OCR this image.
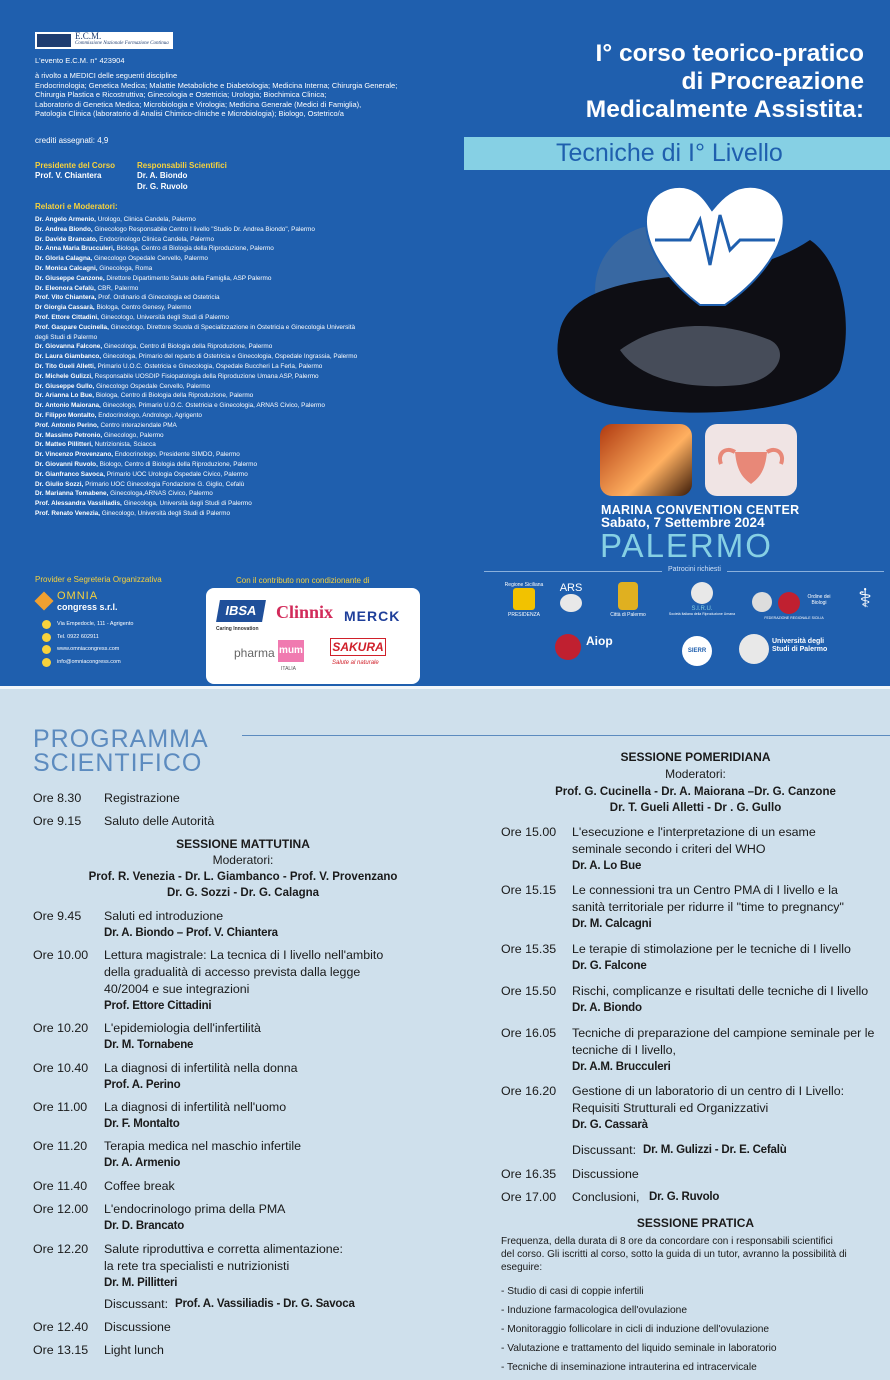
E.C.M.
Commissione Nazionale Formazione Continua
L'evento E.C.M. n° 423904
à rivolto a MEDICI delle seguenti discipline
Endocrinologia; Genetica Medica; Malattie Metaboliche e Diabetologia; Medicina Interna; Chirurgia Generale;
Chirurgia Plastica e Ricostruttiva; Ginecologia e Ostetricia; Urologia; Biochimica Clinica;
Laboratorio di Genetica Medica; Microbiologia e Virologia; Medicina Generale (Medici di Famiglia),
Patologia Clinica (laboratorio di Analisi Chimico-cliniche e Microbiologia); Biologo, Ostetrico/a
crediti assegnati: 4,9
Presidente del Corso
Prof. V. Chiantera
Responsabili Scientifici
Dr. A. Biondo
Dr. G. Ruvolo
Relatori e Moderatori:
Dr. Angelo Armenio, Urologo, Clinica Candela, Palermo
Dr. Andrea Biondo, Ginecologo Responsabile Centro I livello "Studio Dr. Andrea Biondo", Palermo
Dr. Davide Brancato, Endocrinologo Clinica Candela, Palermo
Dr. Anna Maria Brucculeri, Biologa, Centro di Biologia della Riproduzione, Palermo
Dr. Gloria Calagna, Ginecologo Ospedale Cervello, Palermo
Dr. Monica Calcagni, Ginecologa, Roma
Dr. Giuseppe Canzone, Direttore Dipartimento Salute della Famiglia, ASP Palermo
Dr. Eleonora Cefalù, CBR, Palermo
Prof. Vito Chiantera, Prof. Ordinario di Ginecologia ed Ostetricia
Dr Giorgia Cassarà, Biologa, Centro Genesy, Palermo
Prof. Ettore Cittadini, Ginecologo, Università degli Studi di Palermo
Prof. Gaspare Cucinella, Ginecologo, Direttore Scuola di Specializzazione in Ostetricia e Ginecologia Università
degli Studi di Palermo
Dr. Giovanna Falcone, Ginecologa, Centro di Biologia della Riproduzione, Palermo
Dr. Laura Giambanco, Ginecologa, Primario del reparto di Ostetricia e Ginecologia, Ospedale Ingrassia, Palermo
Dr. Tito Gueli Alletti, Primario U.O.C. Ostetricia e Ginecologia, Ospedale Buccheri La Ferla, Palermo
Dr. Michele Gulizzi, Responsabile UOSDIP Fisiopatologia della Riproduzione Umana ASP, Palermo
Dr. Giuseppe Gullo, Ginecologo Ospedale Cervello, Palermo
Dr. Arianna Lo Bue, Biologa, Centro di Biologia della Riproduzione, Palermo
Dr. Antonio Maiorana, Ginecologo, Primario U.O.C. Ostetricia e Ginecologia, ARNAS Civico, Palermo
Dr. Filippo Montalto, Endocrinologo, Andrologo, Agrigento
Prof. Antonio Perino, Centro interaziendale PMA
Dr. Massimo Petronio, Ginecologo, Palermo
Dr. Matteo Pillitteri, Nutrizionista, Sciacca
Dr. Vincenzo Provenzano, Endocrinologo, Presidente SIMDO, Palermo
Dr. Giovanni Ruvolo, Biologo, Centro di Biologia della Riproduzione, Palermo
Dr. Gianfranco Savoca, Primario UOC Urologia Ospedale Civico, Palermo
Dr. Giulio Sozzi, Primario UOC Ginecologia Fondazione G. Giglio, Cefalù
Dr. Marianna Tomabene, Ginecologa,ARNAS Civico, Palermo
Prof. Alessandra Vassiliadis, Ginecologa, Università degli Studi di Palermo
Prof. Renato Venezia, Ginecologo, Università degli Studi di Palermo
Provider e Segreteria Organizzativa	Con il contributo non condizionante di
OMNIA
congress s.r.l.
Via Empedocle, 111 - Agrigento
Tel. 0922 602911
www.omniacongress.com
info@omniacongress.com
IBSA
Caring Innovation
Clinnix MERCK
pharma mum
ITALIA
SAKURA
Salute al naturale
I° corso teorico-pratico
di Procreazione
Medicalmente Assistita:
Tecniche di I° Livello
MARINA CONVENTION CENTER
Sabato, 7 Settembre 2024
PALERMO
Patrocini richiesti
Regione Siciliana
PRESIDENZA
ARS
Città di Palermo
S.I.R.U.
Società Italiana della Riproduzione Umana
Ordine dei Biologi
FEDERAZIONE REGIONALE SICILIA
⚕
Aiop
SIERR
Università degli Studi di Palermo
PROGRAMMA
SCIENTIFICO
SESSIONE MATTUTINA
Moderatori:
Prof. R. Venezia - Dr. L. Giambanco - Prof. V. Provenzano
Dr. G. Sozzi - Dr. G. Calagna
Ore 8.30 Registrazione
Ore 9.15 Saluto delle Autorità
Ore 9.45 Saluti ed introduzione
Dr. A. Biondo – Prof. V. Chiantera
Ore 10.00 Lettura magistrale: La tecnica di I livello nell'ambito
della gradualità di accesso prevista dalla legge
40/2004 e sue integrazioni
Prof. Ettore Cittadini
Ore 10.20 L'epidemiologia dell'infertilità
Dr. M. Tornabene
Ore 10.40 La diagnosi di infertilità nella donna
Prof. A. Perino
Ore 11.00 La diagnosi di infertilità nell'uomo
Dr. F. Montalto
Ore 11.20 Terapia medica nel maschio infertile
Dr. A. Armenio
Ore 11.40 Coffee break
Ore 12.00 L'endocrinologo prima della PMA
Dr. D. Brancato
Ore 12.20 Salute riproduttiva e corretta alimentazione:
la rete tra specialisti e nutrizionisti
Dr. M. Pillitteri
Ore 12.40 Discussione
Ore 13.15 Light lunch
Discussant: Prof. A. Vassiliadis - Dr. G. Savoca
SESSIONE POMERIDIANA
Moderatori:
Prof. G. Cucinella - Dr. A. Maiorana –Dr. G. Canzone
Dr. T. Gueli Alletti - Dr . G. Gullo
Ore 15.00 L'esecuzione e l'interpretazione di un esame
seminale secondo i criteri del WHO
Dr. A. Lo Bue
Ore 15.15 Le connessioni tra un Centro PMA di I livello e la
sanità territoriale per ridurre il "time to pregnancy"
Dr. M. Calcagni
Ore 15.35 Le terapie di stimolazione per le tecniche di I livello
Dr. G. Falcone
Ore 15.50 Rischi, complicanze e risultati delle tecniche di I livello
Dr. A. Biondo
Ore 16.05 Tecniche di preparazione del campione seminale per le
tecniche di I livello,
Dr. A.M. Brucculeri
Ore 16.20 Gestione di un laboratorio di un centro di I Livello:
Requisiti Strutturali ed Organizzativi
Dr. G. Cassarà
Ore 16.35 Discussione
Ore 17.00 Conclusioni, Dr. G. Ruvolo
Discussant: Dr. M. Gulizzi - Dr. E. Cefalù
SESSIONE PRATICA
Frequenza, della durata di 8 ore da concordare con i responsabili scientifici
del corso. Gli iscritti al corso, sotto la guida di un tutor, avranno la possibilità di
eseguire:
- Studio di casi di coppie infertili
- Induzione farmacologica dell'ovulazione
- Monitoraggio follicolare in cicli di induzione dell'ovulazione
- Valutazione e trattamento del liquido seminale in laboratorio
- Tecniche di inseminazione intrauterina ed intracervicale
